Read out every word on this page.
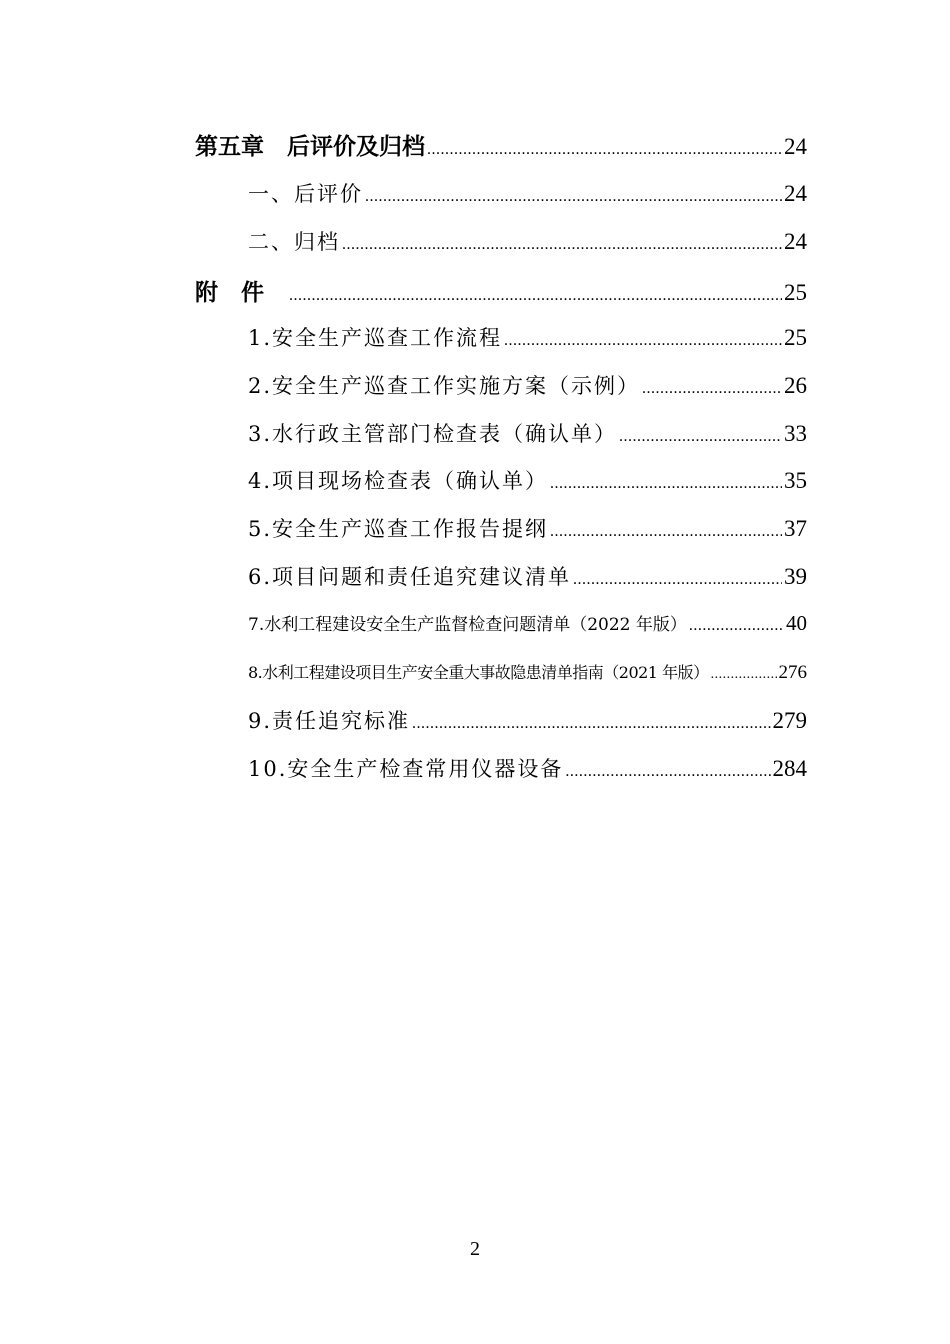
第五章　后评价及归档 .....	24
一、后评价 .....	24
二、归档 .....	24
附　件　 .....	25
1.安全生产巡查工作流程 .....	25
2.安全生产巡查工作实施方案（示例） .....	26
3.水行政主管部门检查表（确认单） .....	33
4.项目现场检查表（确认单） .....	35
5.安全生产巡查工作报告提纲 .....	37
6.项目问题和责任追究建议清单 .....	39
7.水利工程建设安全生产监督检查问题清单（2022 年版） .....	40
8.水利工程建设项目生产安全重大事故隐患清单指南（2021 年版） .....	276
9.责任追究标准 .....	279
10.安全生产检查常用仪器设备 .....	284
2
